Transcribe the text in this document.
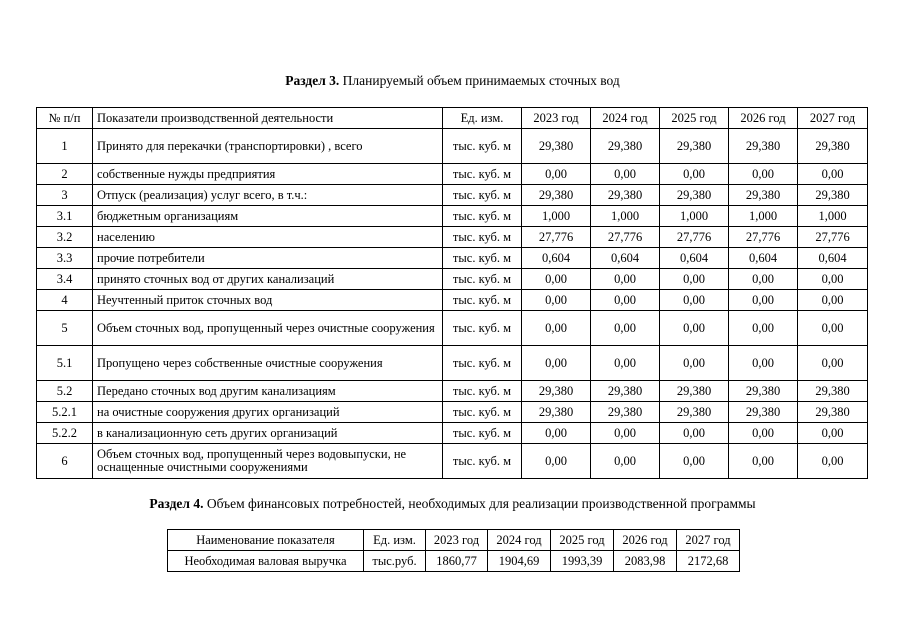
Раздел 3. Планируемый объем принимаемых сточных вод
№ п/п	Показатели производственной деятельности	Ед. изм.	2023 год	2024 год	2025 год	2026 год	2027 год
1	Принято для перекачки (транспортировки) , всего	тыс. куб. м	29,380	29,380	29,380	29,380	29,380
2	собственные нужды предприятия	тыс. куб. м	0,00	0,00	0,00	0,00	0,00
3	Отпуск (реализация) услуг всего, в т.ч.:	тыс. куб. м	29,380	29,380	29,380	29,380	29,380
3.1	бюджетным организациям	тыс. куб. м	1,000	1,000	1,000	1,000	1,000
3.2	населению	тыс. куб. м	27,776	27,776	27,776	27,776	27,776
3.3	прочие потребители	тыс. куб. м	0,604	0,604	0,604	0,604	0,604
3.4	принято сточных вод от других канализаций	тыс. куб. м	0,00	0,00	0,00	0,00	0,00
4	Неучтенный приток сточных вод	тыс. куб. м	0,00	0,00	0,00	0,00	0,00
5	Объем сточных вод, пропущенный через очистные сооружения	тыс. куб. м	0,00	0,00	0,00	0,00	0,00
5.1	Пропущено через собственные очистные сооружения	тыс. куб. м	0,00	0,00	0,00	0,00	0,00
5.2	Передано сточных вод другим канализациям	тыс. куб. м	29,380	29,380	29,380	29,380	29,380
5.2.1	на очистные сооружения других организаций	тыс. куб. м	29,380	29,380	29,380	29,380	29,380
5.2.2	в канализационную сеть других организаций	тыс. куб. м	0,00	0,00	0,00	0,00	0,00
6	Объем сточных вод, пропущенный через водовыпуски, не оснащенные очистными сооружениями	тыс. куб. м	0,00	0,00	0,00	0,00	0,00
Раздел 4. Объем финансовых потребностей, необходимых для реализации производственной программы
Наименование показателя	Ед. изм.	2023 год	2024 год	2025 год	2026 год	2027 год
Необходимая валовая выручка	тыс.руб.	1860,77	1904,69	1993,39	2083,98	2172,68
